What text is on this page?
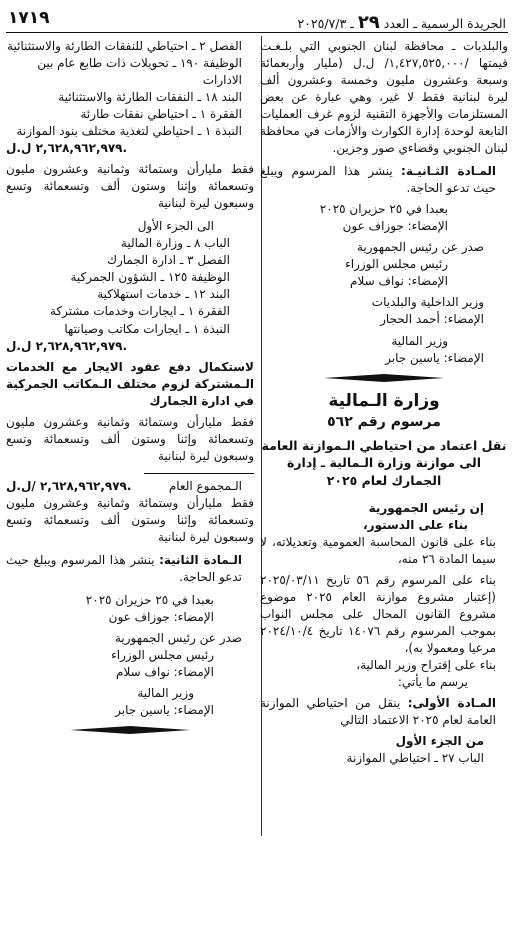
الجريدة الرسمية ـ العدد ٢٩ ـ ٢٠٢٥/٧/٣
١٧١٩

والبلديات ـ محافظة لبنان الجنوبي التي بلـغـت قيمتها /١,٤٢٧,٥٢٥,٠٠٠/ ل.ل (مليار وأربعمائة وسبعة وعشرون مليون وخمسة وعشرون ألف ليرة لبنانية فقط لا غير، وهي عبارة عن بعض المستلزمات والأجهزة التقنية لزوم غرف العمليات التابعة لوحدة إدارة الكوارث والأزمات في محافظة لبنان الجنوبي وقضاءي صور وجزين.

المـادة الثـانيـة: ينشر هذا المرسوم ويبلغ حيث تدعو الحاجة.

بعبدا في ٢٥ حزيران ٢٠٢٥

الإمضاء: جوزاف عون

صدر عن رئيس الجمهورية

رئيس مجلس الوزراء

الإمضاء: نواف سلام

وزير الداخلية والبلديات

الإمضاء: أحمد الحجار

وزير المالية

الإمضاء: ياسين جابر

وزارة الـمالية

مرسوم رقم ٥٦٢

نقل اعتماد من احتياطي الـموازنة العامة الى موازنة وزارة الـمالية ـ إدارة الجمارك لعام ٢٠٢٥

إن رئيس الجمهورية

بناء على الدستور،

بناء على قانون المحاسبة العمومية وتعديلاته، لا سيما المادة ٢٦ منه،

بناء على المرسوم رقم ٥٦ تاريخ ٢٠٢٥/٠٣/١١ (إعتبار مشروع موازنة العام ٢٠٢٥ موضوع مشروع القانون المحال على مجلس النواب بموجب المرسوم رقم ١٤٠٧٦ تاريخ ٢٠٢٤/١٠/٤ مرعيا ومعمولا به)،

بناء على إقتراح وزير المالية،

يرسم ما يأتي:

المـادة الأولى: ينقل من احتياطي الموازنة العامة لعام ٢٠٢٥ الاعتماد التالي

من الجزء الأول

الباب ٢٧ ـ احتياطي الموازنة

الفصل ٢ ـ احتياطي للنفقات الطارئة والاستثنائية

الوظيفة ١٩٠ ـ تحويلات ذات طابع عام بين الادارات

البند ١٨ ـ النفقات الطارئة والاستثنائية

الفقرة ١ ـ احتياطي نفقات طارئة

النبذة ١ ـ احتياطي لتغذية مختلف بنود الموازنة

٢,٦٢٨,٩٦٢,٩٧٩ ل.ل.

فقط مليارأن وستمائة وثمانية وعشرون مليون وتسعمائة وإثنا وستون ألف وتسعمائة وتسع وسبعون ليرة لبنانية

الى الجزء الأول

الباب ٨ ـ وزارة المالية

الفصل ٣ ـ ادارة الجمارك

الوظيفة ١٢٥ ـ الشؤون الجمركية

البند ١٢ ـ خدمات استهلاكية

الفقرة ١ ـ ايجارات وخدمات مشتركة

النبذة ١ ـ ايجارات مكاتب وصيانتها

٢,٦٢٨,٩٦٢,٩٧٩ ل.ل.

لاستكمال دفع عقود الايجار مع الخدمات الـمشتركة لزوم مختلف الـمكاتب الجمركية في ادارة الجمارك

فقط مليارأن وستمائة وثمانية وعشرون مليون وتسعمائة وإثنا وستون ألف وتسعمائة وتسع وسبعون ليرة لبنانية

الـمجموع العام
٢,٦٢٨,٩٦٢,٩٧٩ /ل.ل.

فقط مليارأن وستمائة وثمانية وعشرون مليون وتسعمائة وإثنا وستون ألف وتسعمائة وتسع وسبعون ليرة لبنانية

الـمادة الثانية: ينشر هذا المرسوم ويبلغ حيث تدعو الحاجة.

بعبدا في ٢٥ حزيران ٢٠٢٥

الإمضاء: جوزاف عون

صدر عن رئيس الجمهورية

رئيس مجلس الوزراء

الإمضاء: نواف سلام

وزير المالية

الإمضاء: ياسين جابر
